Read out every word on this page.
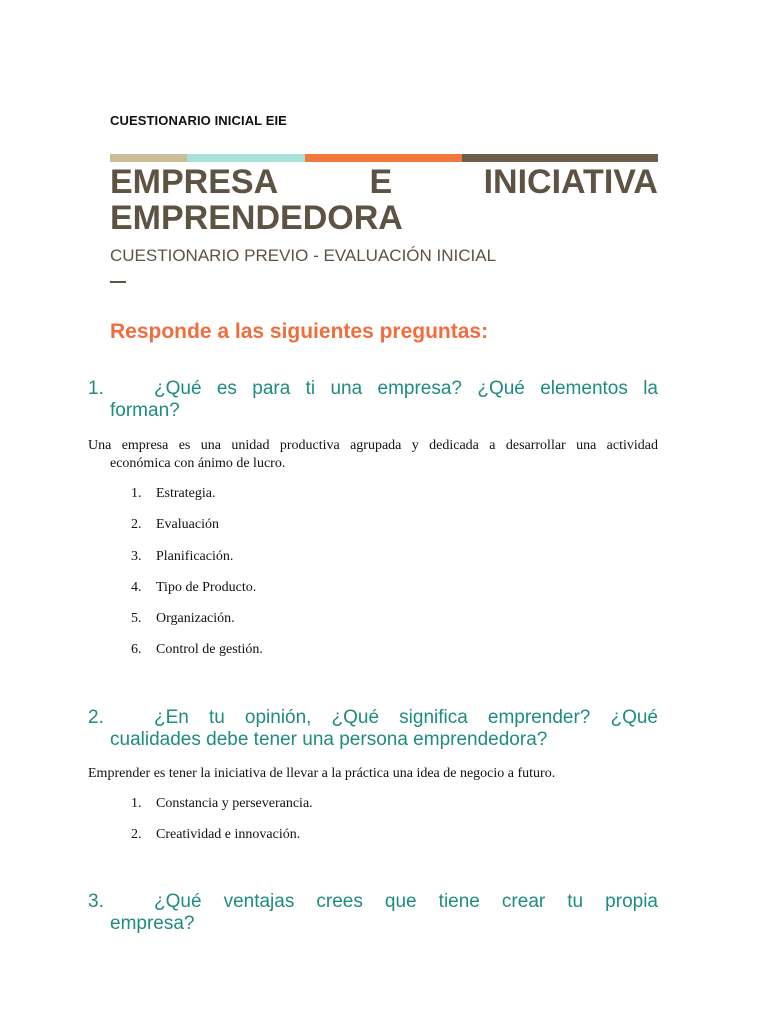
CUESTIONARIO INICIAL EIE
EMPRESA	E	INICIATIVA
EMPRENDEDORA
CUESTIONARIO PREVIO - EVALUACIÓN INICIAL
Responde a las siguientes preguntas:
1.	¿Qué es para ti una empresa? ¿Qué elementos la
forman?
Una empresa es una unidad productiva agrupada y dedicada a desarrollar una actividad
económica con ánimo de lucro.
1. Estrategia.
2. Evaluación
3. Planificación.
4. Tipo de Producto.
5. Organización.
6. Control de gestión.
2.	¿En tu opinión, ¿Qué significa emprender? ¿Qué
cualidades debe tener una persona emprendedora?
Emprender es tener la iniciativa de llevar a la práctica una idea de negocio a futuro.
1. Constancia y perseverancia.
2. Creatividad e innovación.
3.	¿Qué ventajas crees que tiene crear tu propia
empresa?
